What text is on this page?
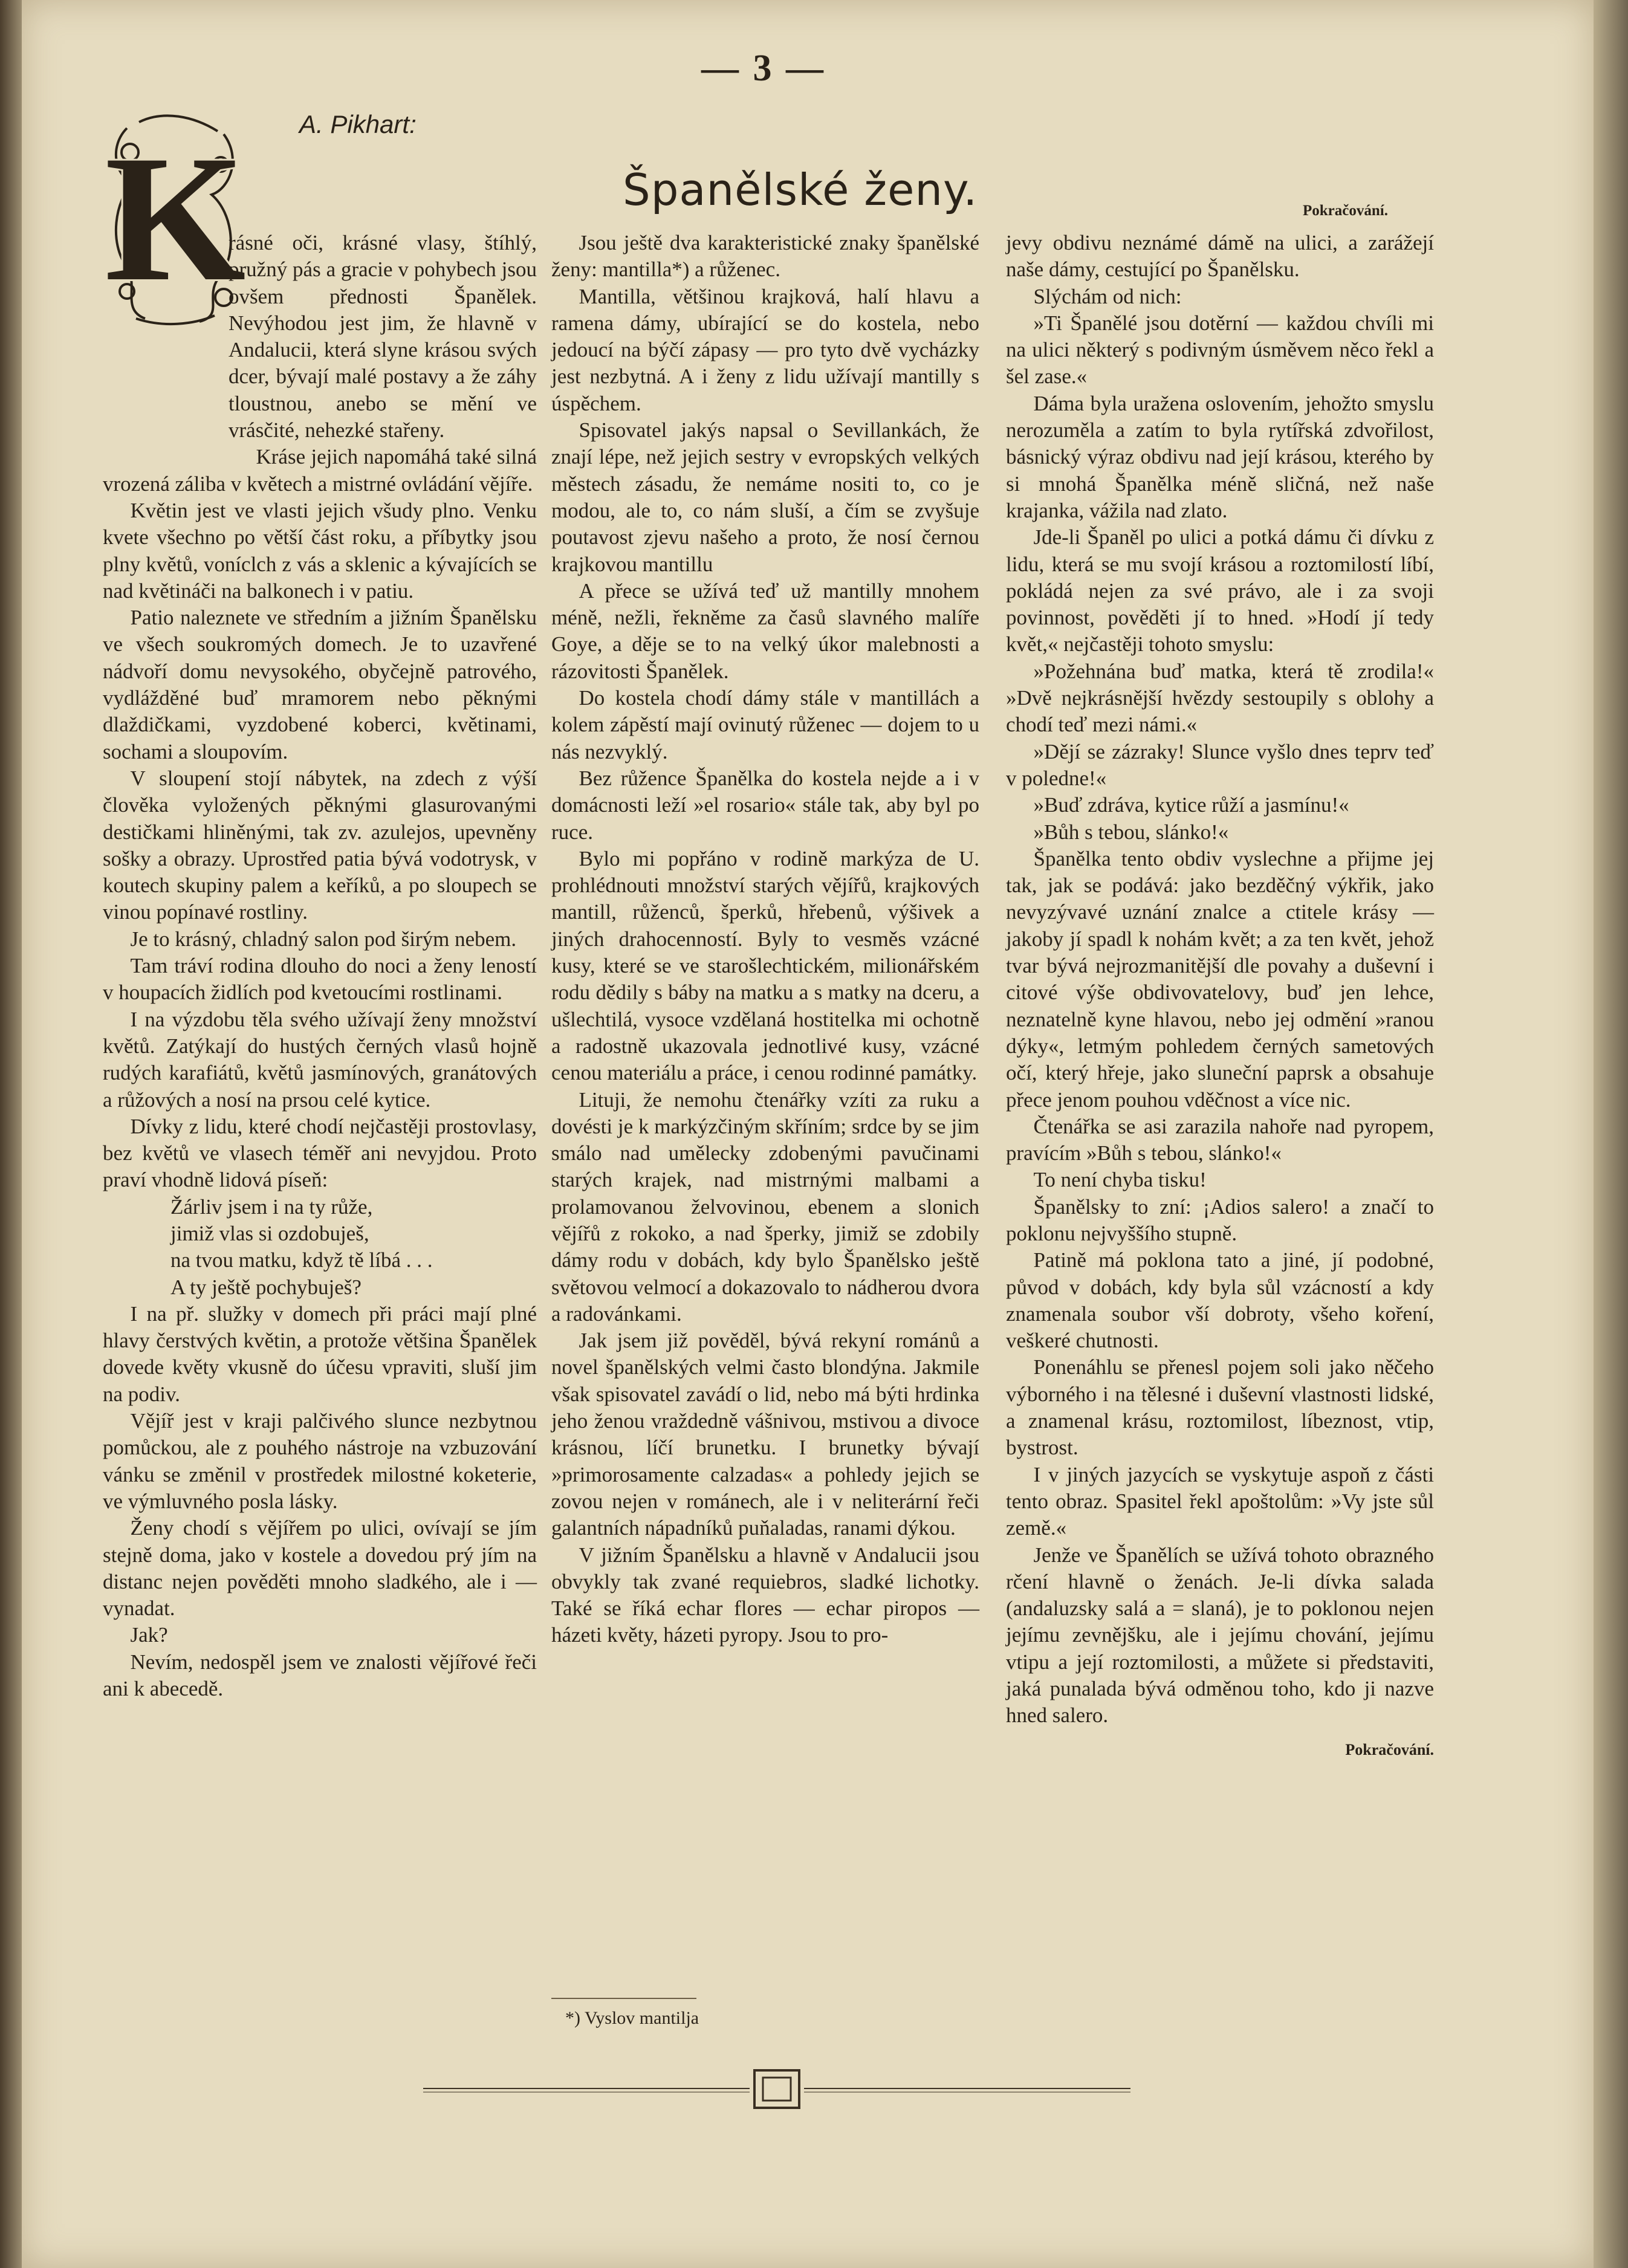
— 3 —
A. Pikhart:
Španělské ženy.	Pokračování.
K

rásné oči, krásné vlasy, štíhlý, pružný pás a gracie v pohybech jsou ovšem přednosti Španělek. Nevýhodou jest jim, že hlavně v Andalucii, která slyne krásou svých dcer, bývají malé postavy a že záhy tloustnou, anebo se mění ve vrásčité, nehezké stařeny.

Kráse jejich napomáhá také silná vrozená záliba v květech a mistrné ovládání vějíře.

Květin jest ve vlasti jejich všudy plno. Venku kvete všechno po větší část roku, a příbytky jsou plny květů, voníclch z vás a sklenic a kývajících se nad květináči na balkonech i v patiu.

Patio naleznete ve středním a jižním Španělsku ve všech soukromých domech. Je to uzavřené nádvoří domu nevysokého, obyčejně patrového, vydlážděné buď mramorem nebo pěknými dlaždičkami, vyzdobené koberci, květinami, sochami a sloupovím.

V sloupení stojí nábytek, na zdech z výší člověka vyložených pěknými glasurovanými destičkami hliněnými, tak zv. azulejos, upevněny sošky a obrazy. Uprostřed patia bývá vodotrysk, v koutech skupiny palem a keříků, a po sloupech se vinou popínavé rostliny.

Je to krásný, chladný salon pod širým nebem.

Tam tráví rodina dlouho do noci a ženy leností v houpacích židlích pod kvetoucími rostlinami.

I na výzdobu těla svého užívají ženy množství květů. Zatýkají do hustých černých vlasů hojně rudých karafiátů, květů jasmínových, granátových a růžových a nosí na prsou celé kytice.

Dívky z lidu, které chodí nejčastěji prostovlasy, bez květů ve vlasech téměř ani nevyjdou. Proto praví vhodně lidová píseň:

Žárliv jsem i na ty růže,

jimiž vlas si ozdobuješ,

na tvou matku, když tě líbá . . .

A ty ještě pochybuješ?

I na př. služky v domech při práci mají plné hlavy čerstvých květin, a protože většina Španělek dovede květy vkusně do účesu vpraviti, sluší jim na podiv.

Vějíř jest v kraji palčivého slunce nezbytnou pomůckou, ale z pouhého nástroje na vzbuzování vánku se změnil v prostředek milostné koketerie, ve výmluvného posla lásky.

Ženy chodí s vějířem po ulici, ovívají se jím stejně doma, jako v kostele a dovedou prý jím na distanc nejen pověděti mnoho sladkého, ale i — vynadat.

Jak?

Nevím, nedospěl jsem ve znalosti vějířové řeči ani k abecedě.

Jsou ještě dva karakteristické znaky španělské ženy: mantilla*) a růženec.

Mantilla, většinou krajková, halí hlavu a ramena dámy, ubírající se do kostela, nebo jedoucí na býčí zápasy — pro tyto dvě vycházky jest nezbytná. A i ženy z lidu užívají mantilly s úspěchem.

Spisovatel jakýs napsal o Sevillankách, že znají lépe, než jejich sestry v evropských velkých městech zásadu, že nemáme nositi to, co je modou, ale to, co nám sluší, a čím se zvyšuje poutavost zjevu našeho a proto, že nosí černou krajkovou mantillu

A přece se užívá teď už mantilly mnohem méně, nežli, řekněme za časů slavného malíře Goye, a děje se to na velký úkor malebnosti a rázovitosti Španělek.

Do kostela chodí dámy stále v mantillách a kolem zápěstí mají ovinutý růženec — dojem to u nás nezvyklý.

Bez růžence Španělka do kostela nejde a i v domácnosti leží »el rosario« stále tak, aby byl po ruce.

Bylo mi popřáno v rodině markýza de U. prohlédnouti množství starých vějířů, krajkových mantill, růženců, šperků, hřebenů, výšivek a jiných drahocenností. Byly to vesměs vzácné kusy, které se ve starošlechtickém, milionářském rodu dědily s báby na matku a s matky na dceru, a ušlechtilá, vysoce vzdělaná hostitelka mi ochotně a radostně ukazovala jednotlivé kusy, vzácné cenou materiálu a práce, i cenou rodinné památky.

Lituji, že nemohu čtenářky vzíti za ruku a dovésti je k markýzčiným skříním; srdce by se jim smálo nad umělecky zdobenými pavučinami starých krajek, nad mistrnými malbami a prolamovanou želvovinou, ebenem a slonich vějířů z rokoko, a nad šperky, jimiž se zdobily dámy rodu v dobách, kdy bylo Španělsko ještě světovou velmocí a dokazovalo to nádherou dvora a radovánkami.

Jak jsem již pověděl, bývá rekyní románů a novel španělských velmi často blondýna. Jakmile však spisovatel zavádí o lid, nebo má býti hrdinka jeho ženou vraždedně vášnivou, mstivou a divoce krásnou, líčí brunetku. I brunetky bývají »primorosamente calzadas« a pohledy jejich se zovou nejen v románech, ale i v neliterární řeči galantních nápadníků puňaladas, ranami dýkou.

V jižním Španělsku a hlavně v Andalucii jsou obvykly tak zvané requiebros, sladké lichotky. Také se říká echar flores — echar piropos — házeti květy, házeti pyropy. Jsou to pro-

*) Vyslov mantilja

jevy obdivu neznámé dámě na ulici, a zarážejí naše dámy, cestující po Španělsku.

Slýchám od nich:

»Ti Španělé jsou dotěrní — každou chvíli mi na ulici některý s podivným úsměvem něco řekl a šel zase.«

Dáma byla uražena oslovením, jehožto smyslu nerozuměla a zatím to byla rytířská zdvořilost, básnický výraz obdivu nad její krásou, kterého by si mnohá Španělka méně sličná, než naše krajanka, vážila nad zlato.

Jde-li Španěl po ulici a potká dámu či dívku z lidu, která se mu svojí krásou a roztomilostí líbí, pokládá nejen za své právo, ale i za svoji povinnost, pověděti jí to hned. »Hodí jí tedy květ,« nejčastěji tohoto smyslu:

»Požehnána buď matka, která tě zrodila!« »Dvě nejkrásnější hvězdy sestoupily s oblohy a chodí teď mezi námi.«

»Dějí se zázraky! Slunce vyšlo dnes teprv teď v poledne!«

»Buď zdráva, kytice růží a jasmínu!«

»Bůh s tebou, slánko!«

Španělka tento obdiv vyslechne a přijme jej tak, jak se podává: jako bezděčný výkřik, jako nevyzývavé uznání znalce a ctitele krásy — jakoby jí spadl k nohám květ; a za ten květ, jehož tvar bývá nejrozmanitější dle povahy a duševní i citové výše obdivovatelovy, buď jen lehce, neznatelně kyne hlavou, nebo jej odmění »ranou dýky«, letmým pohledem černých sametových očí, který hřeje, jako sluneční paprsk a obsahuje přece jenom pouhou vděčnost a více nic.

Čtenářka se asi zarazila nahoře nad pyropem, pravícím »Bůh s tebou, slánko!«

To není chyba tisku!

Španělsky to zní: ¡Adios salero! a značí to poklonu nejvyššího stupně.

Patině má poklona tato a jiné, jí podobné, původ v dobách, kdy byla sůl vzácností a kdy znamenala soubor vší dobroty, všeho koření, veškeré chutnosti.

Ponenáhlu se přenesl pojem soli jako něčeho výborného i na tělesné i duševní vlastnosti lidské, a znamenal krásu, roztomilost, líbeznost, vtip, bystrost.

I v jiných jazycích se vyskytuje aspoň z části tento obraz. Spasitel řekl apoštolům: »Vy jste sůl země.«

Jenže ve Španělích se užívá tohoto obrazného rčení hlavně o ženách. Je-li dívka salada (andaluzsky salá a = slaná), je to poklonou nejen jejímu zevnějšku, ale i jejímu chování, jejímu vtipu a její roztomilosti, a můžete si představiti, jaká punalada bývá odměnou toho, kdo ji nazve hned salero.

Pokračování.
